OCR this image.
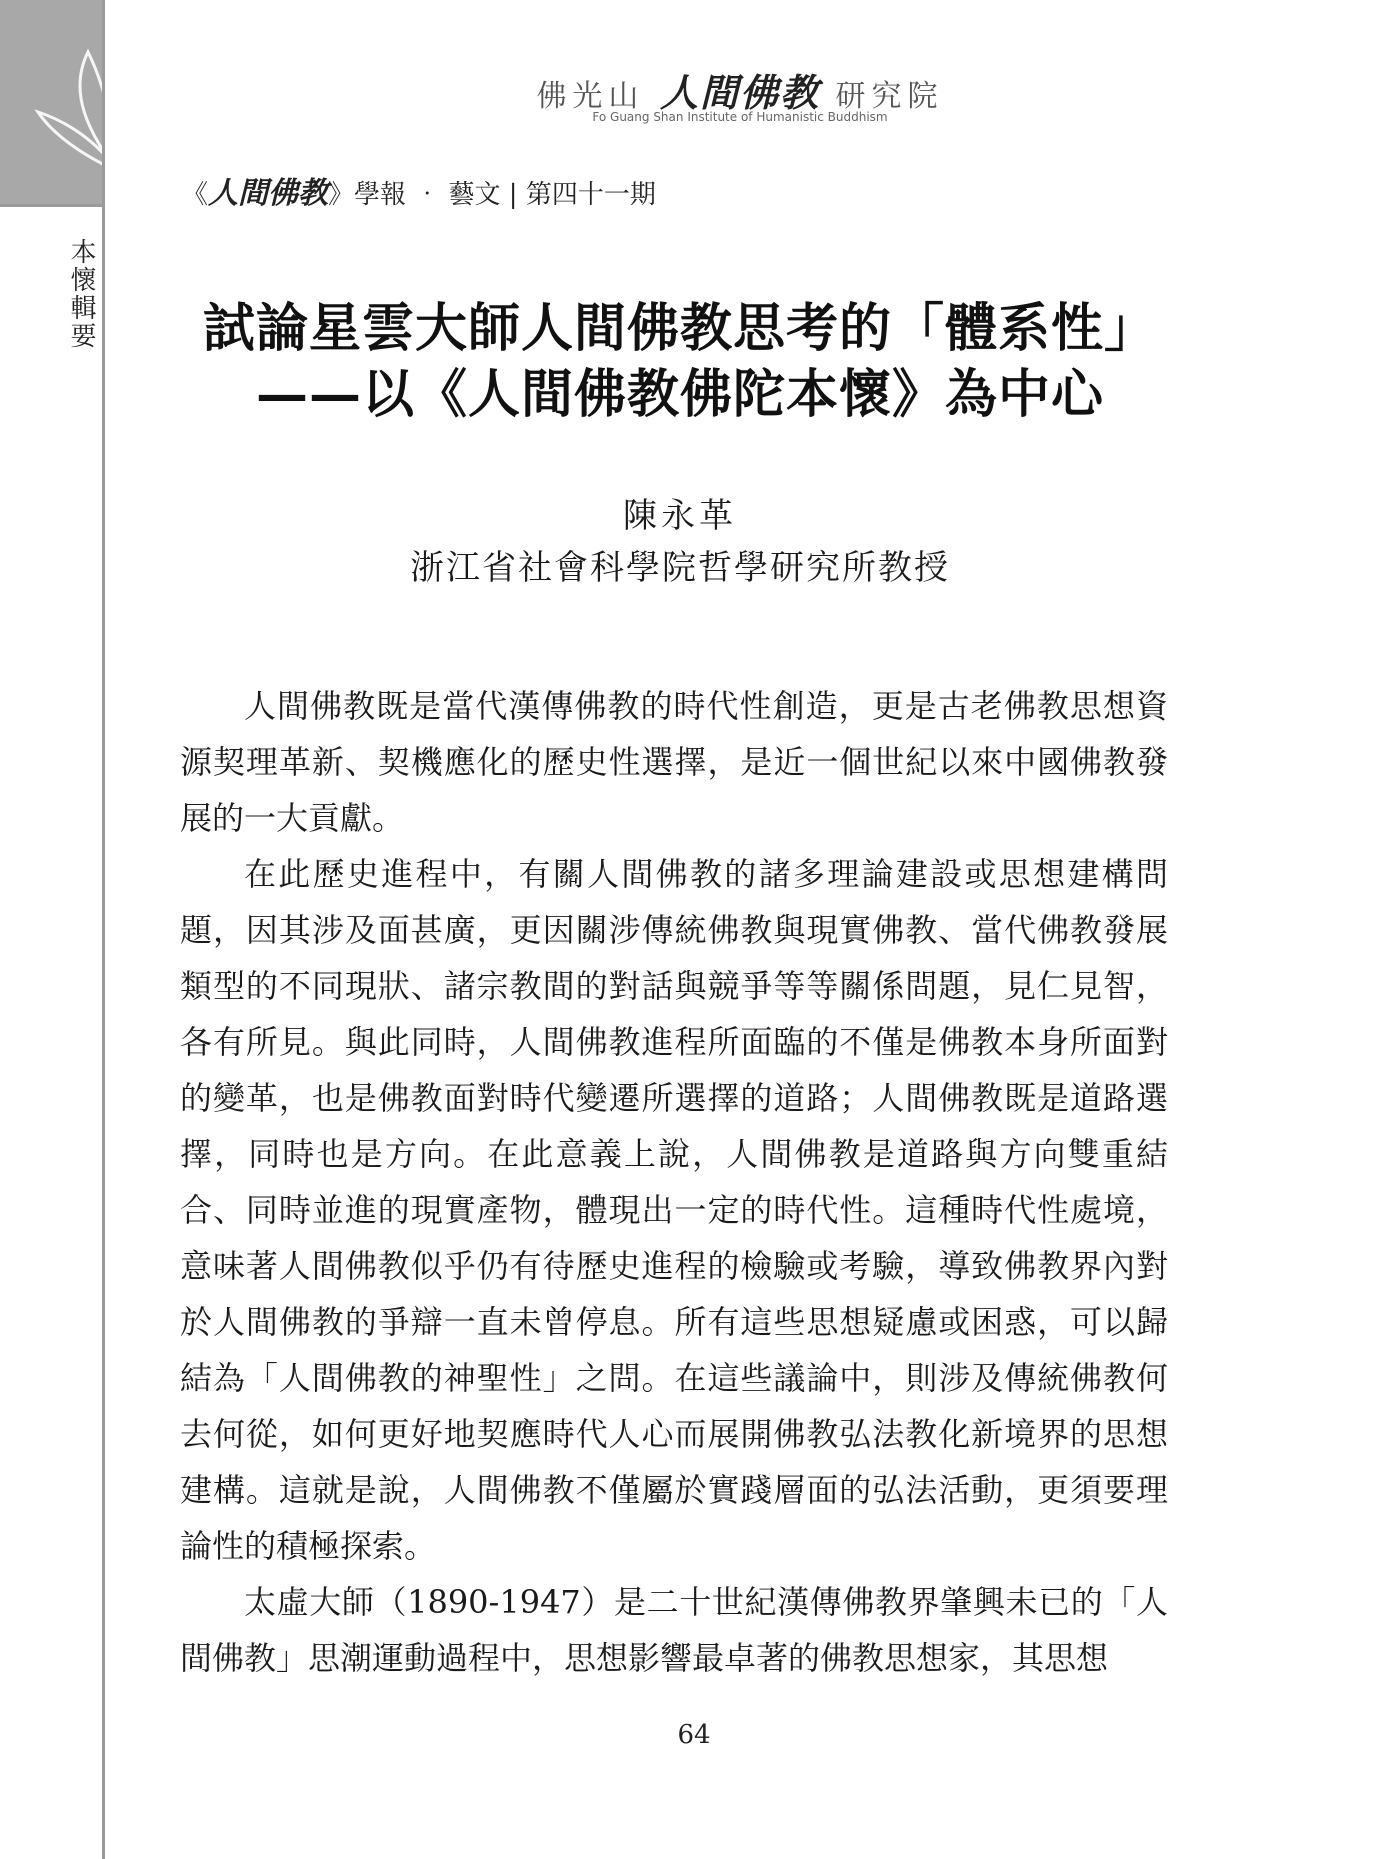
本懷輯要
佛光山 人間佛教 研究院
Fo Guang Shan Institute of Humanistic Buddhism
《人間佛教》學報 ‧ 藝文 | 第四十一期
試論星雲大師人間佛教思考的「體系性」
——以《人間佛教佛陀本懷》為中心
陳永革
浙江省社會科學院哲學研究所教授

人間佛教既是當代漢傳佛教的時代性創造，更是古老佛教思想資源契理革新、契機應化的歷史性選擇，是近一個世紀以來中國佛教發展的一大貢獻。

在此歷史進程中，有關人間佛教的諸多理論建設或思想建構問題，因其涉及面甚廣，更因關涉傳統佛教與現實佛教、當代佛教發展類型的不同現狀、諸宗教間的對話與競爭等等關係問題，見仁見智，各有所見。與此同時，人間佛教進程所面臨的不僅是佛教本身所面對的變革，也是佛教面對時代變遷所選擇的道路；人間佛教既是道路選擇，同時也是方向。在此意義上說，人間佛教是道路與方向雙重結合、同時並進的現實產物，體現出一定的時代性。這種時代性處境，意味著人間佛教似乎仍有待歷史進程的檢驗或考驗，導致佛教界內對於人間佛教的爭辯一直未曾停息。所有這些思想疑慮或困惑，可以歸結為「人間佛教的神聖性」之問。在這些議論中，則涉及傳統佛教何去何從，如何更好地契應時代人心而展開佛教弘法教化新境界的思想建構。這就是說，人間佛教不僅屬於實踐層面的弘法活動，更須要理論性的積極探索。

太虛大師（1890-1947）是二十世紀漢傳佛教界肇興未已的「人間佛教」思潮運動過程中，思想影響最卓著的佛教思想家，其思想

64
